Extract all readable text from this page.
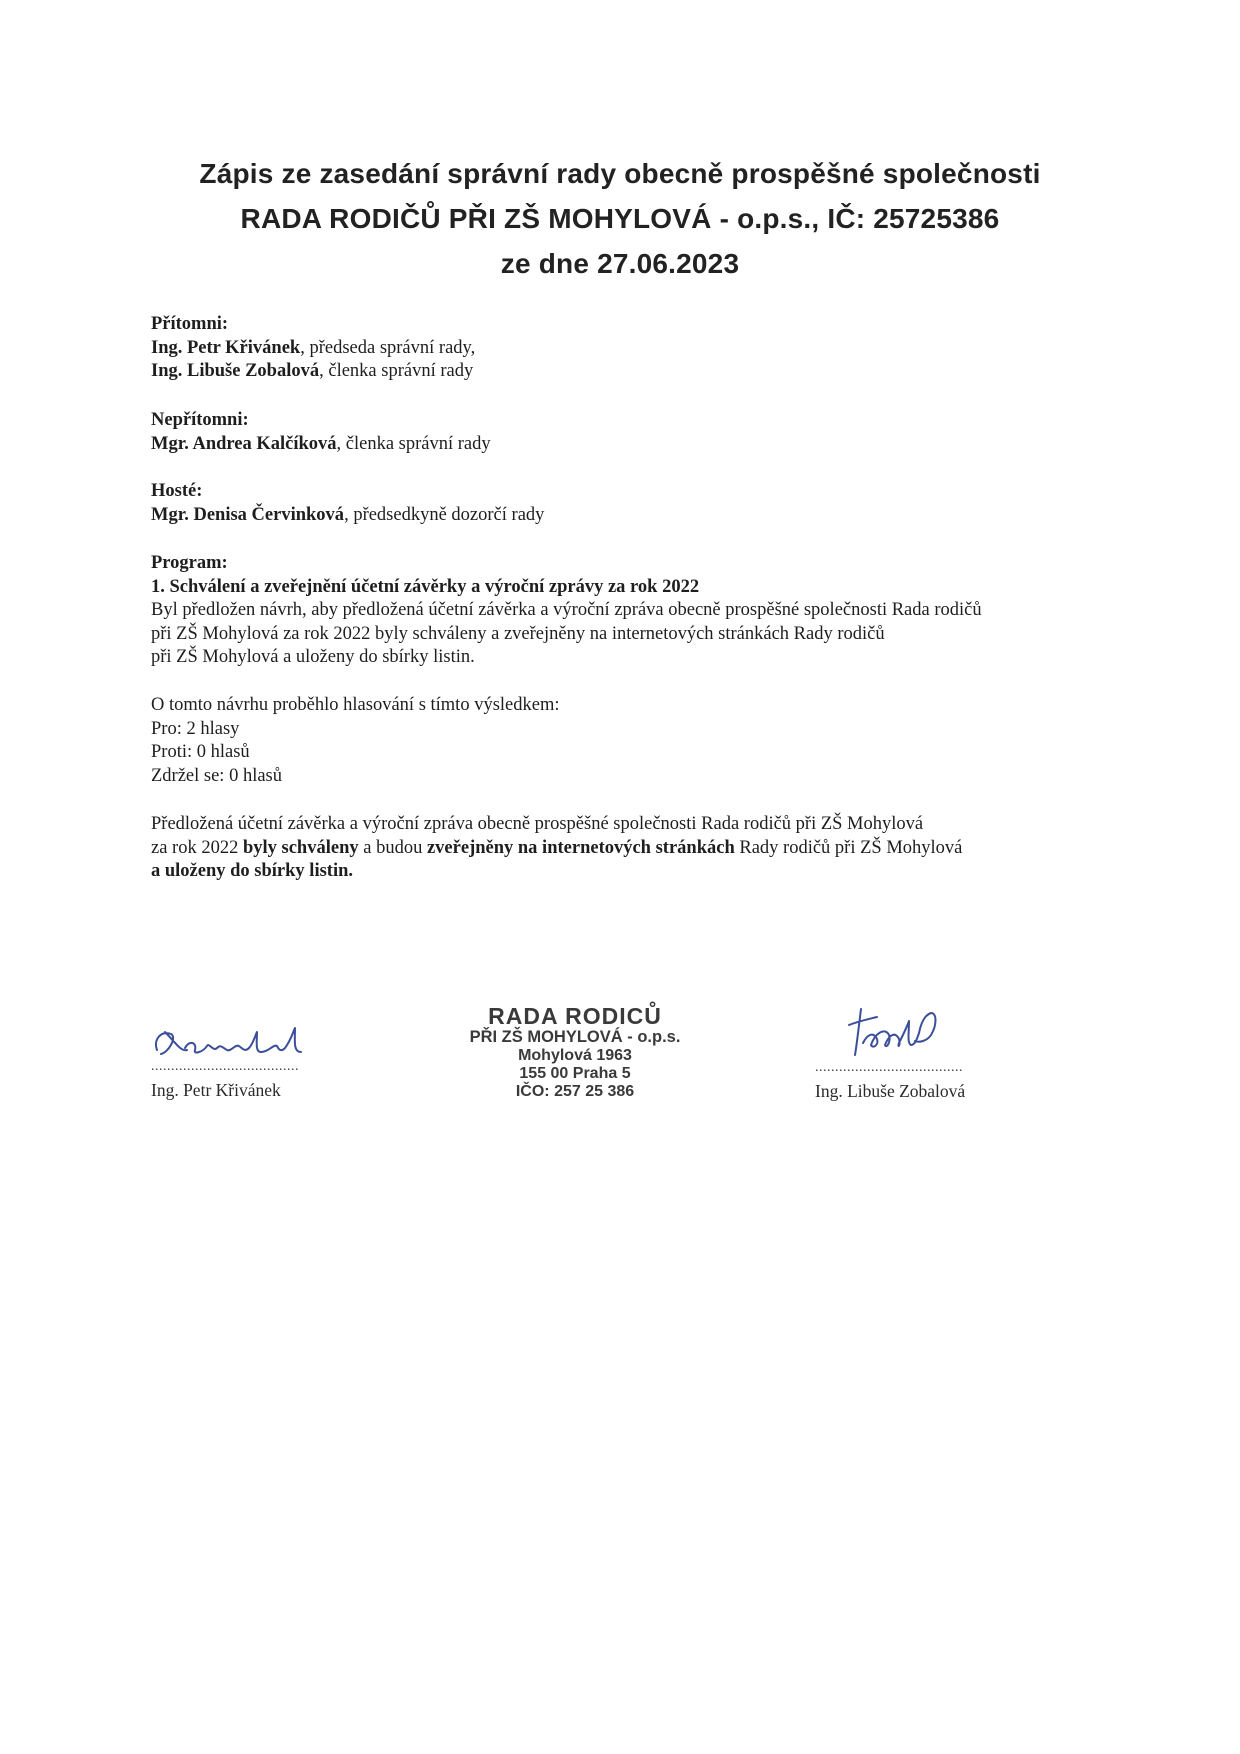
Zápis ze zasedání správní rady obecně prospěšné společnosti
RADA RODIČŮ PŘI ZŠ MOHYLOVÁ - o.p.s., IČ: 25725386
ze dne 27.06.2023
Přítomni:
Ing. Petr Křivánek, předseda správní rady,
Ing. Libuše Zobalová, členka správní rady
Nepřítomni:
Mgr. Andrea Kalčíková, členka správní rady
Hosté:
Mgr. Denisa Červinková, předsedkyně dozorčí rady
Program:
1. Schválení a zveřejnění účetní závěrky a výroční zprávy za rok 2022
Byl předložen návrh, aby předložená účetní závěrka a výroční zpráva obecně prospěšné společnosti Rada rodičů
při ZŠ Mohylová za rok 2022 byly schváleny a zveřejněny na internetových stránkách Rady rodičů
při ZŠ Mohylová a uloženy do sbírky listin.
O tomto návrhu proběhlo hlasování s tímto výsledkem:
Pro: 2 hlasy
Proti: 0 hlasů
Zdržel se: 0 hlasů
Předložená účetní závěrka a výroční zpráva obecně prospěšné společnosti Rada rodičů při ZŠ Mohylová
za rok 2022 byly schváleny a budou zveřejněny na internetových stránkách Rady rodičů při ZŠ Mohylová
a uloženy do sbírky listin.
.....................................
Ing. Petr Křivánek
RADA RODICŮ
PŘI ZŠ MOHYLOVÁ - o.p.s.
Mohylová 1963
155 00 Praha 5
IČO: 257 25 386
.....................................
Ing. Libuše Zobalová
